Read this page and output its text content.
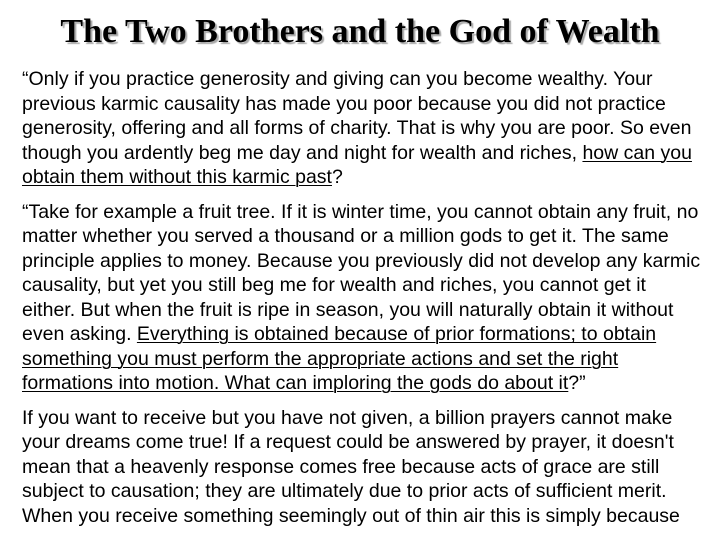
The Two Brothers and the God of Wealth

“Only if you practice generosity and giving can you become wealthy. Your previous karmic causality has made you poor because you did not practice generosity, offering and all forms of charity. That is why you are poor. So even though you ardently beg me day and night for wealth and riches, how can you obtain them without this karmic past?

“Take for example a fruit tree. If it is winter time, you cannot obtain any fruit, no matter whether you served a thousand or a million gods to get it. The same principle applies to money. Because you previously did not develop any karmic causality, but yet you still beg me for wealth and riches, you cannot get it either. But when the fruit is ripe in season, you will naturally obtain it without even asking. Everything is obtained because of prior formations; to obtain something you must perform the appropriate actions and set the right formations into motion. What can imploring the gods do about it?”

If you want to receive but you have not given, a billion prayers cannot make your dreams come true! If a request could be answered by prayer, it doesn't mean that a heavenly response comes free because acts of grace are still subject to causation; they are ultimately due to prior acts of sufficient merit. When you receive something seemingly out of thin air this is simply because
